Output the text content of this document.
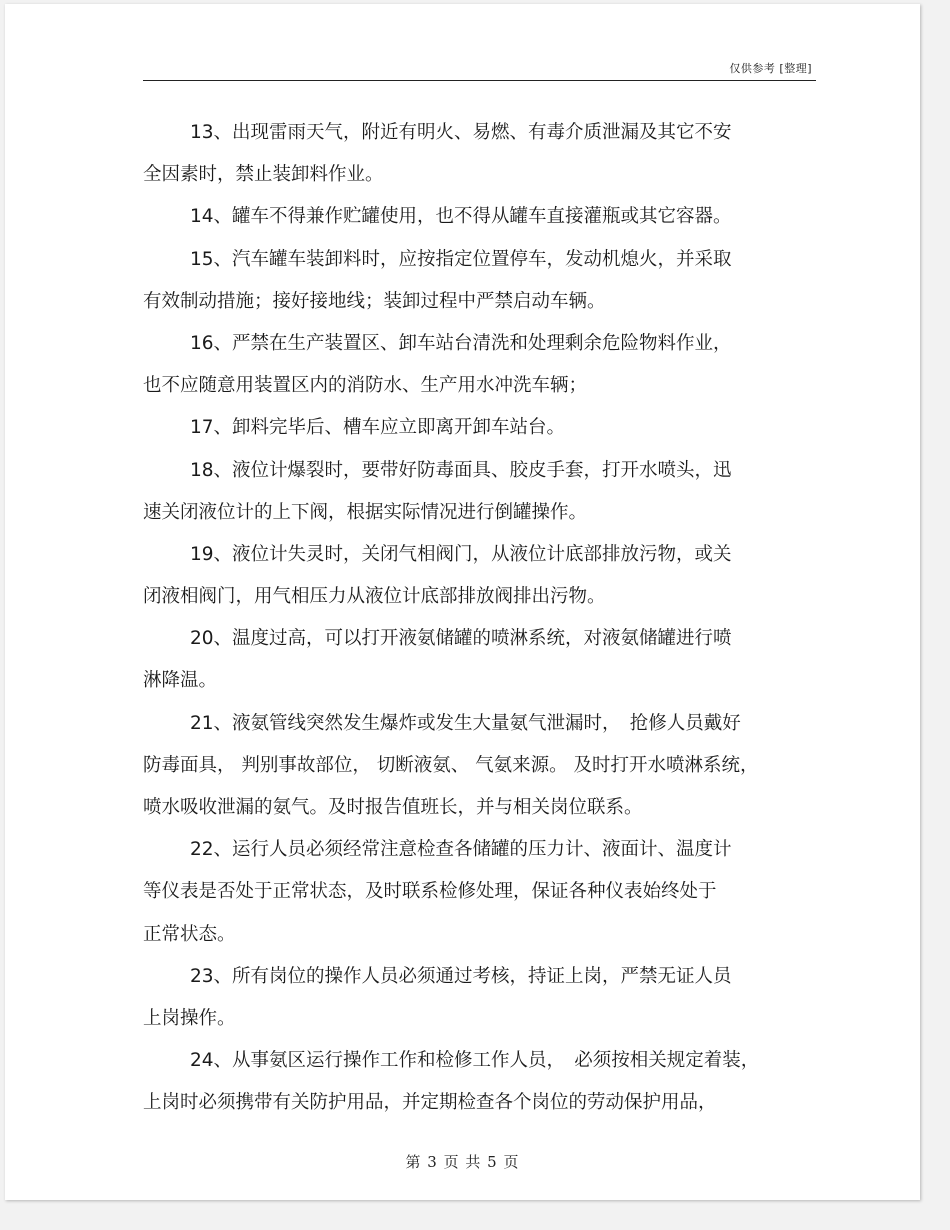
仅供参考 [整理]
13、出现雷雨天气，附近有明火、易燃、有毒介质泄漏及其它不安
全因素时，禁止装卸料作业。
14、罐车不得兼作贮罐使用，也不得从罐车直接灌瓶或其它容器。
15、汽车罐车装卸料时，应按指定位置停车，发动机熄火，并采取
有效制动措施；接好接地线；装卸过程中严禁启动车辆。
16、严禁在生产装置区、卸车站台清洗和处理剩余危险物料作业，
也不应随意用装置区内的消防水、生产用水冲洗车辆；
17、卸料完毕后、槽车应立即离开卸车站台。
18、液位计爆裂时，要带好防毒面具、胶皮手套，打开水喷头，迅
速关闭液位计的上下阀，根据实际情况进行倒罐操作。
19、液位计失灵时，关闭气相阀门，从液位计底部排放污物，或关
闭液相阀门，用气相压力从液位计底部排放阀排出污物。
20、温度过高，可以打开液氨储罐的喷淋系统，对液氨储罐进行喷
淋降温。
21、液氨管线突然发生爆炸或发生大量氨气泄漏时，　抢修人员戴好
防毒面具， 判别事故部位， 切断液氨、 气氨来源。 及时打开水喷淋系统，
喷水吸收泄漏的氨气。及时报告值班长，并与相关岗位联系。
22、运行人员必须经常注意检查各储罐的压力计、液面计、温度计
等仪表是否处于正常状态，及时联系检修处理，保证各种仪表始终处于
正常状态。
23、所有岗位的操作人员必须通过考核，持证上岗，严禁无证人员
上岗操作。
24、从事氨区运行操作工作和检修工作人员，　必须按相关规定着装，
上岗时必须携带有关防护用品，并定期检查各个岗位的劳动保护用品，
第 3 页 共 5 页
